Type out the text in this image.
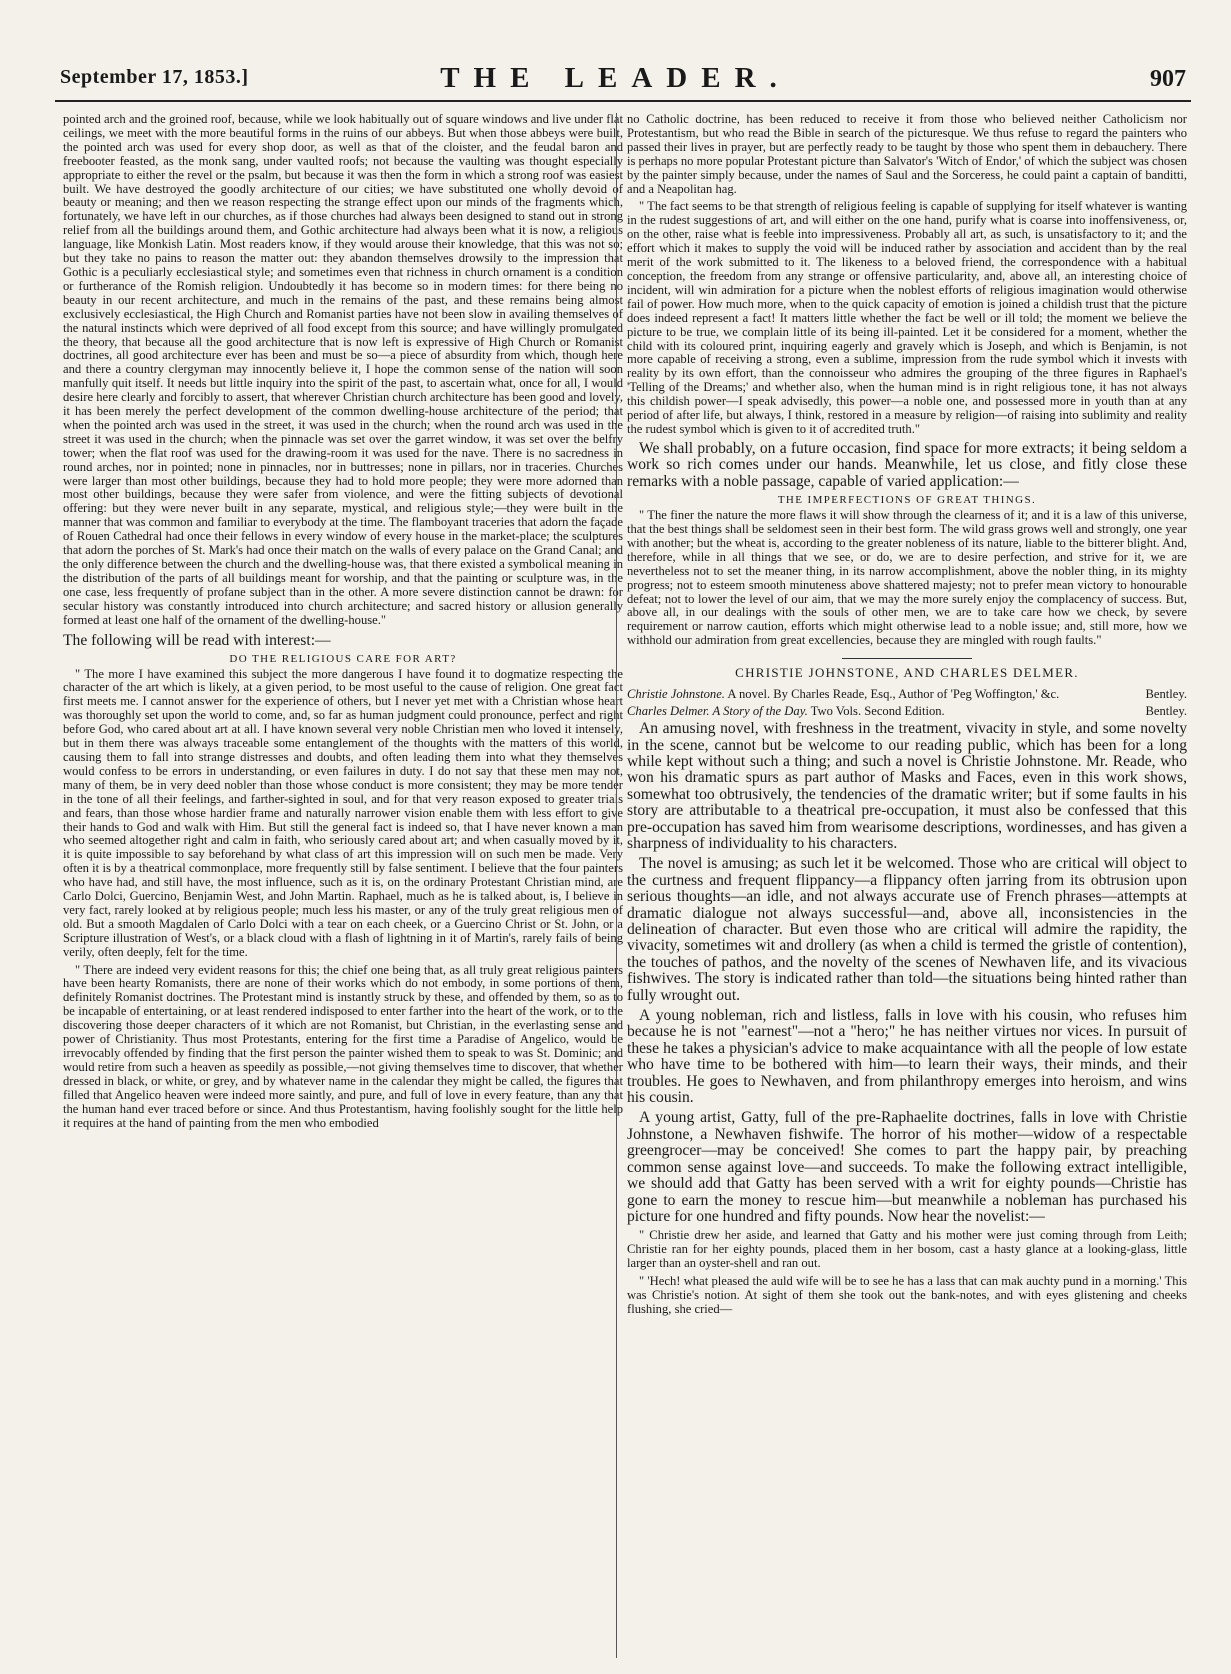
September 17, 1853.]	THE LEADER.	907

pointed arch and the groined roof, because, while we look habitually out of square windows and live under flat ceilings, we meet with the more beautiful forms in the ruins of our abbeys. But when those abbeys were built, the pointed arch was used for every shop door, as well as that of the cloister, and the feudal baron and freebooter feasted, as the monk sang, under vaulted roofs; not because the vaulting was thought especially appropriate to either the revel or the psalm, but because it was then the form in which a strong roof was easiest built. We have destroyed the goodly architecture of our cities; we have substituted one wholly devoid of beauty or meaning; and then we reason respecting the strange effect upon our minds of the fragments which, fortunately, we have left in our churches, as if those churches had always been designed to stand out in strong relief from all the buildings around them, and Gothic architecture had always been what it is now, a religious language, like Monkish Latin. Most readers know, if they would arouse their knowledge, that this was not so; but they take no pains to reason the matter out: they abandon themselves drowsily to the impression that Gothic is a peculiarly ecclesiastical style; and sometimes even that richness in church ornament is a condition or furtherance of the Romish religion. Undoubtedly it has become so in modern times: for there being no beauty in our recent architecture, and much in the remains of the past, and these remains being almost exclusively ecclesiastical, the High Church and Romanist parties have not been slow in availing themselves of the natural instincts which were deprived of all food except from this source; and have willingly promulgated the theory, that because all the good architecture that is now left is expressive of High Church or Romanist doctrines, all good architecture ever has been and must be so—a piece of absurdity from which, though here and there a country clergyman may innocently believe it, I hope the common sense of the nation will soon manfully quit itself. It needs but little inquiry into the spirit of the past, to ascertain what, once for all, I would desire here clearly and forcibly to assert, that wherever Christian church architecture has been good and lovely, it has been merely the perfect development of the common dwelling-house architecture of the period; that when the pointed arch was used in the street, it was used in the church; when the round arch was used in the street it was used in the church; when the pinnacle was set over the garret window, it was set over the belfry tower; when the flat roof was used for the drawing-room it was used for the nave. There is no sacredness in round arches, nor in pointed; none in pinnacles, nor in buttresses; none in pillars, nor in traceries. Churches were larger than most other buildings, because they had to hold more people; they were more adorned than most other buildings, because they were safer from violence, and were the fitting subjects of devotional offering: but they were never built in any separate, mystical, and religious style;—they were built in the manner that was common and familiar to everybody at the time. The flamboyant traceries that adorn the façade of Rouen Cathedral had once their fellows in every window of every house in the market-place; the sculptures that adorn the porches of St. Mark's had once their match on the walls of every palace on the Grand Canal; and the only difference between the church and the dwelling-house was, that there existed a symbolical meaning in the distribution of the parts of all buildings meant for worship, and that the painting or sculpture was, in the one case, less frequently of profane subject than in the other. A more severe distinction cannot be drawn: for secular history was constantly introduced into church architecture; and sacred history or allusion generally formed at least one half of the ornament of the dwelling-house."

The following will be read with interest:—

DO THE RELIGIOUS CARE FOR ART?

" The more I have examined this subject the more dangerous I have found it to dogmatize respecting the character of the art which is likely, at a given period, to be most useful to the cause of religion. One great fact first meets me. I cannot answer for the experience of others, but I never yet met with a Christian whose heart was thoroughly set upon the world to come, and, so far as human judgment could pronounce, perfect and right before God, who cared about art at all. I have known several very noble Christian men who loved it intensely, but in them there was always traceable some entanglement of the thoughts with the matters of this world, causing them to fall into strange distresses and doubts, and often leading them into what they themselves would confess to be errors in understanding, or even failures in duty. I do not say that these men may not, many of them, be in very deed nobler than those whose conduct is more consistent; they may be more tender in the tone of all their feelings, and farther-sighted in soul, and for that very reason exposed to greater trials and fears, than those whose hardier frame and naturally narrower vision enable them with less effort to give their hands to God and walk with Him. But still the general fact is indeed so, that I have never known a man who seemed altogether right and calm in faith, who seriously cared about art; and when casually moved by it, it is quite impossible to say beforehand by what class of art this impression will on such men be made. Very often it is by a theatrical commonplace, more frequently still by false sentiment. I believe that the four painters who have had, and still have, the most influence, such as it is, on the ordinary Protestant Christian mind, are Carlo Dolci, Guercino, Benjamin West, and John Martin. Raphael, much as he is talked about, is, I believe in very fact, rarely looked at by religious people; much less his master, or any of the truly great religious men of old. But a smooth Magdalen of Carlo Dolci with a tear on each cheek, or a Guercino Christ or St. John, or a Scripture illustration of West's, or a black cloud with a flash of lightning in it of Martin's, rarely fails of being verily, often deeply, felt for the time.

" There are indeed very evident reasons for this; the chief one being that, as all truly great religious painters have been hearty Romanists, there are none of their works which do not embody, in some portions of them, definitely Romanist doctrines. The Protestant mind is instantly struck by these, and offended by them, so as to be incapable of entertaining, or at least rendered indisposed to enter farther into the heart of the work, or to the discovering those deeper characters of it which are not Romanist, but Christian, in the everlasting sense and power of Christianity. Thus most Protestants, entering for the first time a Paradise of Angelico, would be irrevocably offended by finding that the first person the painter wished them to speak to was St. Dominic; and would retire from such a heaven as speedily as possible,—not giving themselves time to discover, that whether dressed in black, or white, or grey, and by whatever name in the calendar they might be called, the figures that filled that Angelico heaven were indeed more saintly, and pure, and full of love in every feature, than any that the human hand ever traced before or since. And thus Protestantism, having foolishly sought for the little help it requires at the hand of painting from the men who embodied

no Catholic doctrine, has been reduced to receive it from those who believed neither Catholicism nor Protestantism, but who read the Bible in search of the picturesque. We thus refuse to regard the painters who passed their lives in prayer, but are perfectly ready to be taught by those who spent them in debauchery. There is perhaps no more popular Protestant picture than Salvator's 'Witch of Endor,' of which the subject was chosen by the painter simply because, under the names of Saul and the Sorceress, he could paint a captain of banditti, and a Neapolitan hag.

" The fact seems to be that strength of religious feeling is capable of supplying for itself whatever is wanting in the rudest suggestions of art, and will either on the one hand, purify what is coarse into inoffensiveness, or, on the other, raise what is feeble into impressiveness. Probably all art, as such, is unsatisfactory to it; and the effort which it makes to supply the void will be induced rather by association and accident than by the real merit of the work submitted to it. The likeness to a beloved friend, the correspondence with a habitual conception, the freedom from any strange or offensive particularity, and, above all, an interesting choice of incident, will win admiration for a picture when the noblest efforts of religious imagination would otherwise fail of power. How much more, when to the quick capacity of emotion is joined a childish trust that the picture does indeed represent a fact! It matters little whether the fact be well or ill told; the moment we believe the picture to be true, we complain little of its being ill-painted. Let it be considered for a moment, whether the child with its coloured print, inquiring eagerly and gravely which is Joseph, and which is Benjamin, is not more capable of receiving a strong, even a sublime, impression from the rude symbol which it invests with reality by its own effort, than the connoisseur who admires the grouping of the three figures in Raphael's 'Telling of the Dreams;' and whether also, when the human mind is in right religious tone, it has not always this childish power—I speak advisedly, this power—a noble one, and possessed more in youth than at any period of after life, but always, I think, restored in a measure by religion—of raising into sublimity and reality the rudest symbol which is given to it of accredited truth."

We shall probably, on a future occasion, find space for more extracts; it being seldom a work so rich comes under our hands. Meanwhile, let us close, and fitly close these remarks with a noble passage, capable of varied application:—

THE IMPERFECTIONS OF GREAT THINGS.

" The finer the nature the more flaws it will show through the clearness of it; and it is a law of this universe, that the best things shall be seldomest seen in their best form. The wild grass grows well and strongly, one year with another; but the wheat is, according to the greater nobleness of its nature, liable to the bitterer blight. And, therefore, while in all things that we see, or do, we are to desire perfection, and strive for it, we are nevertheless not to set the meaner thing, in its narrow accomplishment, above the nobler thing, in its mighty progress; not to esteem smooth minuteness above shattered majesty; not to prefer mean victory to honourable defeat; not to lower the level of our aim, that we may the more surely enjoy the complacency of success. But, above all, in our dealings with the souls of other men, we are to take care how we check, by severe requirement or narrow caution, efforts which might otherwise lead to a noble issue; and, still more, how we withhold our admiration from great excellencies, because they are mingled with rough faults."

CHRISTIE JOHNSTONE, AND CHARLES DELMER.

Christie Johnstone. A novel. By Charles Reade, Esq., Author of 'Peg Woffington,' &c.	Bentley.

Charles Delmer. A Story of the Day. Two Vols. Second Edition.	Bentley.

An amusing novel, with freshness in the treatment, vivacity in style, and some novelty in the scene, cannot but be welcome to our reading public, which has been for a long while kept without such a thing; and such a novel is Christie Johnstone. Mr. Reade, who won his dramatic spurs as part author of Masks and Faces, even in this work shows, somewhat too obtrusively, the tendencies of the dramatic writer; but if some faults in his story are attributable to a theatrical pre-occupation, it must also be confessed that this pre-occupation has saved him from wearisome descriptions, wordinesses, and has given a sharpness of individuality to his characters.

The novel is amusing; as such let it be welcomed. Those who are critical will object to the curtness and frequent flippancy—a flippancy often jarring from its obtrusion upon serious thoughts—an idle, and not always accurate use of French phrases—attempts at dramatic dialogue not always successful—and, above all, inconsistencies in the delineation of character. But even those who are critical will admire the rapidity, the vivacity, sometimes wit and drollery (as when a child is termed the gristle of contention), the touches of pathos, and the novelty of the scenes of Newhaven life, and its vivacious fishwives. The story is indicated rather than told—the situations being hinted rather than fully wrought out.

A young nobleman, rich and listless, falls in love with his cousin, who refuses him because he is not "earnest"—not a "hero;" he has neither virtues nor vices. In pursuit of these he takes a physician's advice to make acquaintance with all the people of low estate who have time to be bothered with him—to learn their ways, their minds, and their troubles. He goes to Newhaven, and from philanthropy emerges into heroism, and wins his cousin.

A young artist, Gatty, full of the pre-Raphaelite doctrines, falls in love with Christie Johnstone, a Newhaven fishwife. The horror of his mother—widow of a respectable greengrocer—may be conceived! She comes to part the happy pair, by preaching common sense against love—and succeeds. To make the following extract intelligible, we should add that Gatty has been served with a writ for eighty pounds—Christie has gone to earn the money to rescue him—but meanwhile a nobleman has purchased his picture for one hundred and fifty pounds. Now hear the novelist:—

" Christie drew her aside, and learned that Gatty and his mother were just coming through from Leith; Christie ran for her eighty pounds, placed them in her bosom, cast a hasty glance at a looking-glass, little larger than an oyster-shell and ran out.

" 'Hech! what pleased the auld wife will be to see he has a lass that can mak auchty pund in a morning.' This was Christie's notion. At sight of them she took out the bank-notes, and with eyes glistening and cheeks flushing, she cried—
